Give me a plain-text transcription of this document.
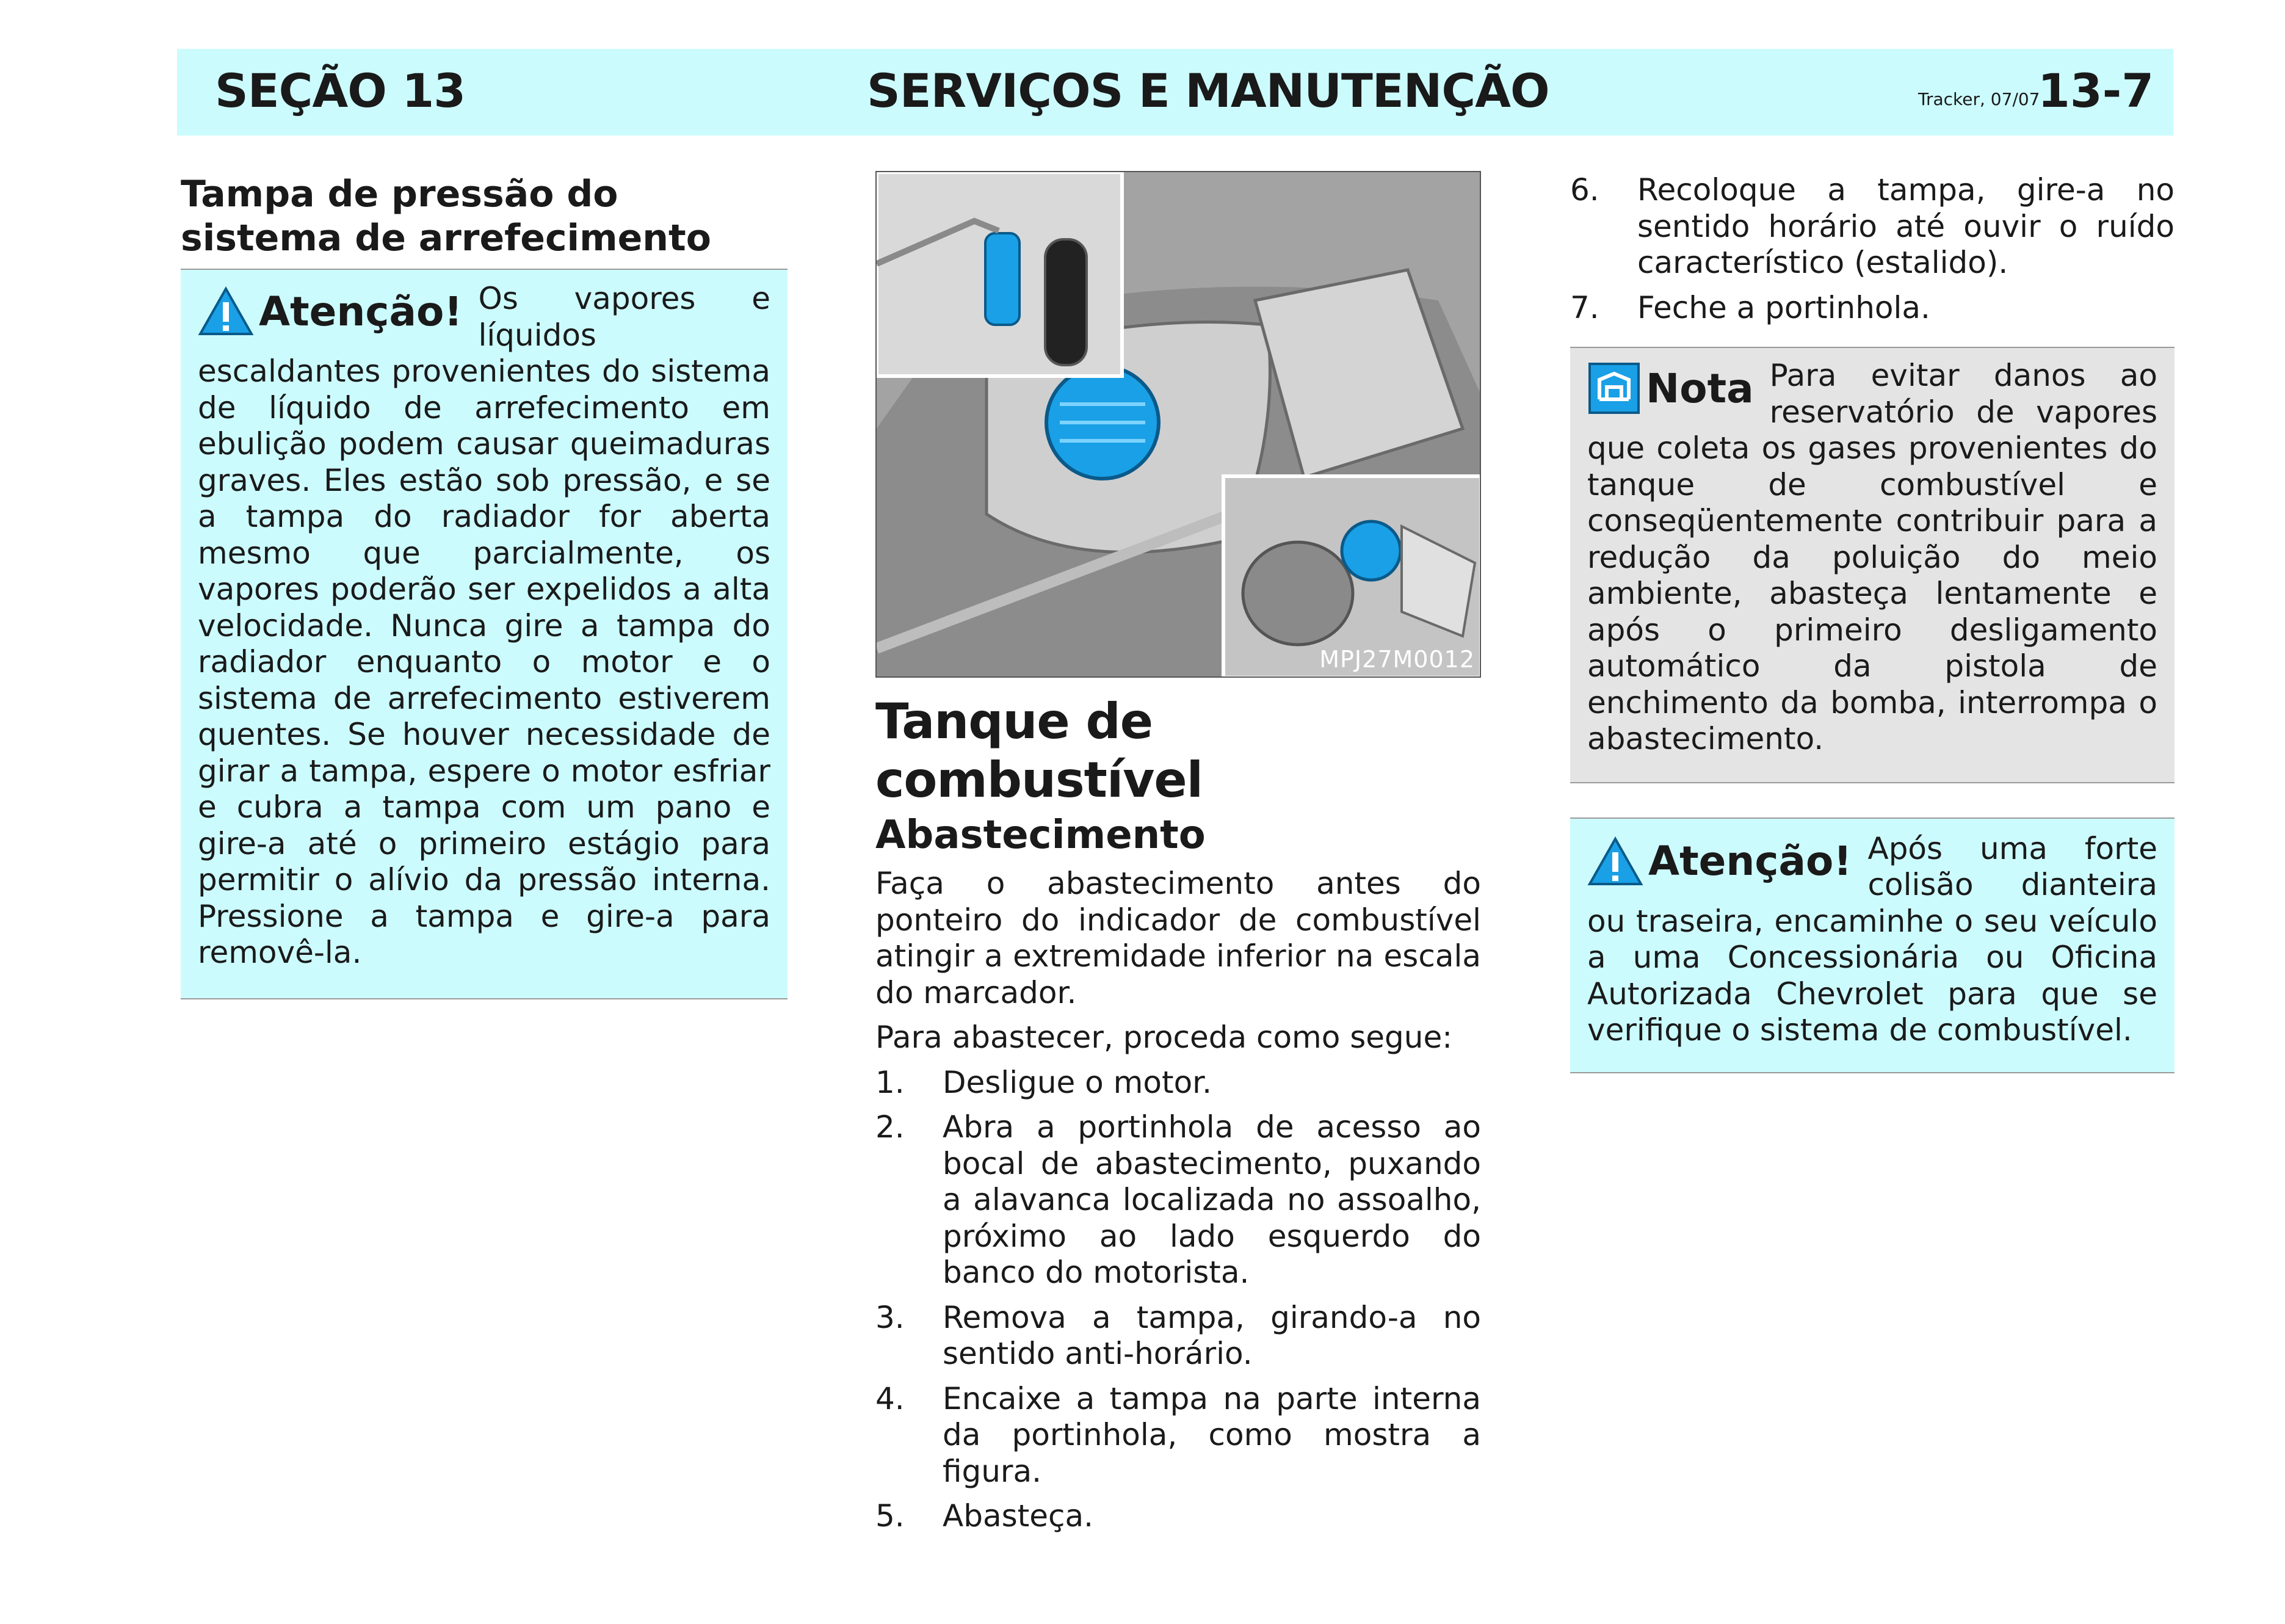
SEÇÃO 13	SERVIÇOS E MANUTENÇÃO	Tracker, 07/07
13-7
Tampa de pressão do sistema de arrefecimento
Atenção! Os vapores e líquidos escaldantes provenientes do sistema de líquido de arrefecimento em ebulição podem causar queimaduras graves. Eles estão sob pressão, e se a tampa do radiador for aberta mesmo que parcialmente, os vapores poderão ser expelidos a alta velocidade. Nunca gire a tampa do radiador enquanto o motor e o sistema de arrefecimento estiverem quentes. Se houver necessidade de girar a tampa, espere o motor esfriar e cubra a tampa com um pano e gire-a até o primeiro estágio para permitir o alívio da pressão interna. Pressione a tampa e gire-a para removê-la.

MPJ27M0012
Tanque de combustível
Abastecimento

Faça o abastecimento antes do ponteiro do indicador de combustível atingir a extremidade inferior na escala do marcador.

Para abastecer, proceda como segue:

1. Desligue o motor.
2. Abra a portinhola de acesso ao bocal de abastecimento, puxando a alavanca localizada no assoalho, próximo ao lado esquerdo do banco do motorista.
3. Remova a tampa, girando-a no sentido anti-horário.
4. Encaixe a tampa na parte interna da portinhola, como mostra a figura.
5. Abasteça.
6. Recoloque a tampa, gire-a no sentido horário até ouvir o ruído característico (estalido).
7. Feche a portinhola.
Nota Para evitar danos ao reservatório de vapores que coleta os gases provenientes do tanque de combustível e conseqüentemente contribuir para a redução da poluição do meio ambiente, abasteça lentamente e após o primeiro desligamento automático da pistola de enchimento da bomba, interrompa o abastecimento.

Atenção! Após uma forte colisão dianteira ou traseira, encaminhe o seu veículo a uma Concessionária ou Oficina Autorizada Chevrolet para que se verifique o sistema de combustível.
